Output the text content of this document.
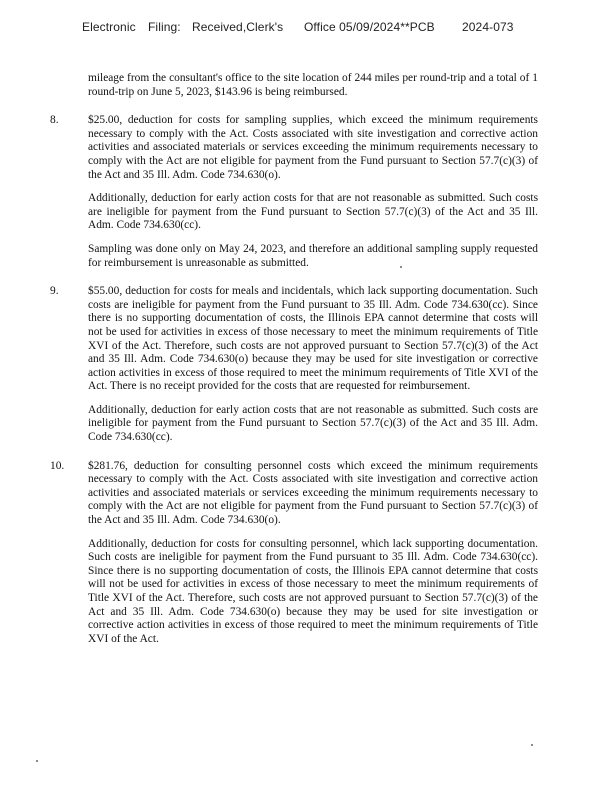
Electronic Filing: Received,Clerk's Office 05/09/2024**PCB 2024-073

mileage from the consultant's office to the site location of 244 miles per round-trip and a total of 1 round-trip on June 5, 2023, $143.96 is being reimbursed.

8.	$25.00, deduction for costs for sampling supplies, which exceed the minimum requirements necessary to comply with the Act. Costs associated with site investigation and corrective action activities and associated materials or services exceeding the minimum requirements necessary to comply with the Act are not eligible for payment from the Fund pursuant to Section 57.7(c)(3) of the Act and 35 Ill. Adm. Code 734.630(o).

Additionally, deduction for early action costs for that are not reasonable as submitted. Such costs are ineligible for payment from the Fund pursuant to Section 57.7(c)(3) of the Act and 35 Ill. Adm. Code 734.630(cc).

Sampling was done only on May 24, 2023, and therefore an additional sampling supply requested for reimbursement is unreasonable as submitted.

9.	$55.00, deduction for costs for meals and incidentals, which lack supporting documentation. Such costs are ineligible for payment from the Fund pursuant to 35 Ill. Adm. Code 734.630(cc). Since there is no supporting documentation of costs, the Illinois EPA cannot determine that costs will not be used for activities in excess of those necessary to meet the minimum requirements of Title XVI of the Act. Therefore, such costs are not approved pursuant to Section 57.7(c)(3) of the Act and 35 Ill. Adm. Code 734.630(o) because they may be used for site investigation or corrective action activities in excess of those required to meet the minimum requirements of Title XVI of the Act. There is no receipt provided for the costs that are requested for reimbursement.

Additionally, deduction for early action costs that are not reasonable as submitted. Such costs are ineligible for payment from the Fund pursuant to Section 57.7(c)(3) of the Act and 35 Ill. Adm. Code 734.630(cc).

10. $281.76, deduction for consulting personnel costs which exceed the minimum requirements necessary to comply with the Act. Costs associated with site investigation and corrective action activities and associated materials or services exceeding the minimum requirements necessary to comply with the Act are not eligible for payment from the Fund pursuant to Section 57.7(c)(3) of the Act and 35 Ill. Adm. Code 734.630(o).

Additionally, deduction for costs for consulting personnel, which lack supporting documentation. Such costs are ineligible for payment from the Fund pursuant to 35 Ill. Adm. Code 734.630(cc). Since there is no supporting documentation of costs, the Illinois EPA cannot determine that costs will not be used for activities in excess of those necessary to meet the minimum requirements of Title XVI of the Act. Therefore, such costs are not approved pursuant to Section 57.7(c)(3) of the Act and 35 Ill. Adm. Code 734.630(o) because they may be used for site investigation or corrective action activities in excess of those required to meet the minimum requirements of Title XVI of the Act.
